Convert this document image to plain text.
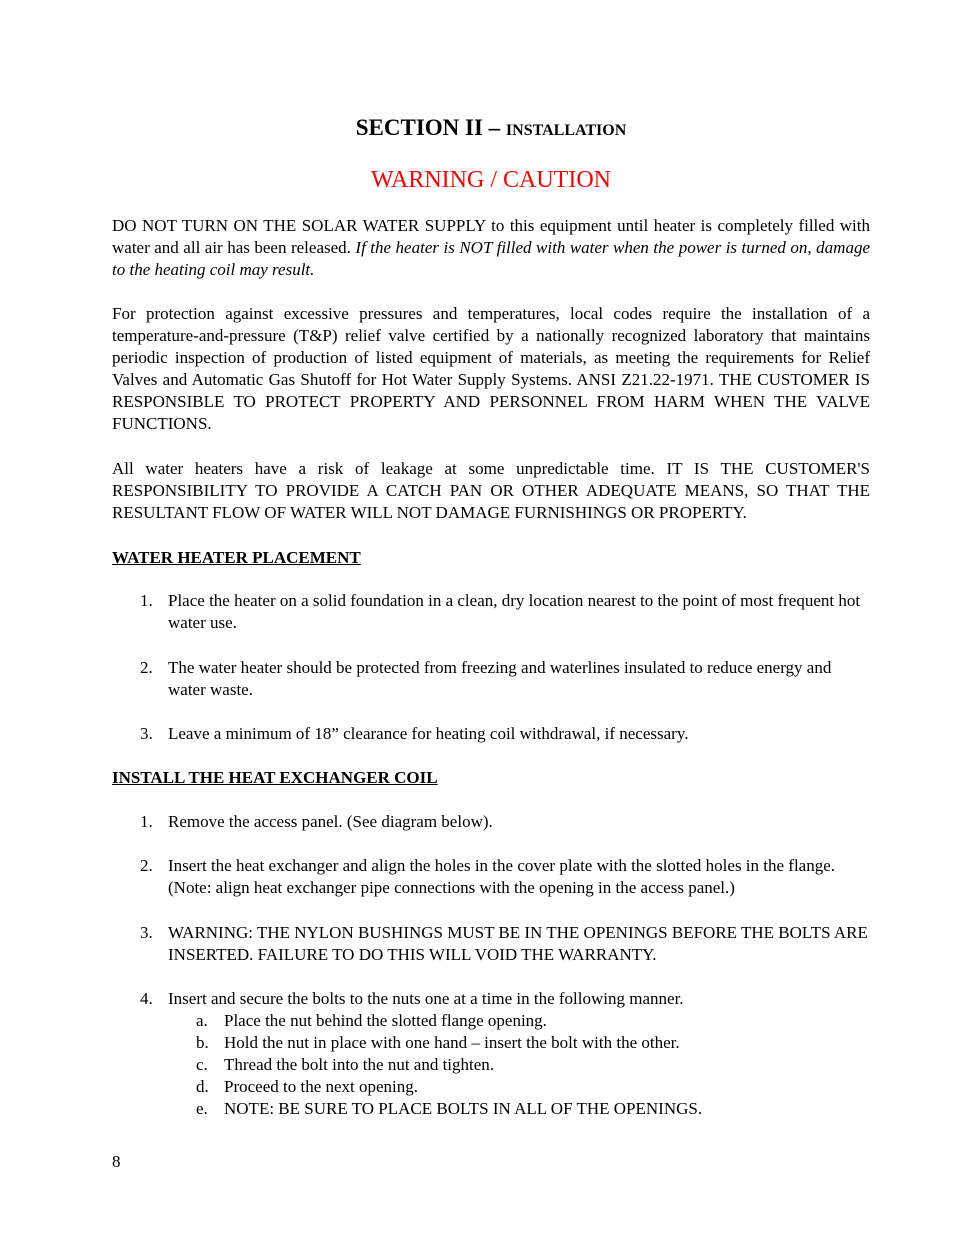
SECTION II – INSTALLATION
WARNING / CAUTION

DO NOT TURN ON THE SOLAR WATER SUPPLY to this equipment until heater is completely filled with water and all air has been released. If the heater is NOT filled with water when the power is turned on, damage to the heating coil may result.

For protection against excessive pressures and temperatures, local codes require the installation of a temperature-and-pressure (T&P) relief valve certified by a nationally recognized laboratory that maintains periodic inspection of production of listed equipment of materials, as meeting the requirements for Relief Valves and Automatic Gas Shutoff for Hot Water Supply Systems. ANSI Z21.22-1971. THE CUSTOMER IS RESPONSIBLE TO PROTECT PROPERTY AND PERSONNEL FROM HARM WHEN THE VALVE FUNCTIONS.

All water heaters have a risk of leakage at some unpredictable time. IT IS THE CUSTOMER'S RESPONSIBILITY TO PROVIDE A CATCH PAN OR OTHER ADEQUATE MEANS, SO THAT THE RESULTANT FLOW OF WATER WILL NOT DAMAGE FURNISHINGS OR PROPERTY.

WATER HEATER PLACEMENT

1. Place the heater on a solid foundation in a clean, dry location nearest to the point of most frequent hot water use.
2. The water heater should be protected from freezing and waterlines insulated to reduce energy and water waste.
3. Leave a minimum of 18” clearance for heating coil withdrawal, if necessary.

INSTALL THE HEAT EXCHANGER COIL

1. Remove the access panel. (See diagram below).
2. Insert the heat exchanger and align the holes in the cover plate with the slotted holes in the flange. (Note: align heat exchanger pipe connections with the opening in the access panel.)
3. WARNING: THE NYLON BUSHINGS MUST BE IN THE OPENINGS BEFORE THE BOLTS ARE INSERTED. FAILURE TO DO THIS WILL VOID THE WARRANTY.
4. Insert and secure the bolts to the nuts one at a time in the following manner.
a. Place the nut behind the slotted flange opening.
b. Hold the nut in place with one hand – insert the bolt with the other.
c. Thread the bolt into the nut and tighten.
d. Proceed to the next opening.
e. NOTE: BE SURE TO PLACE BOLTS IN ALL OF THE OPENINGS.
8
